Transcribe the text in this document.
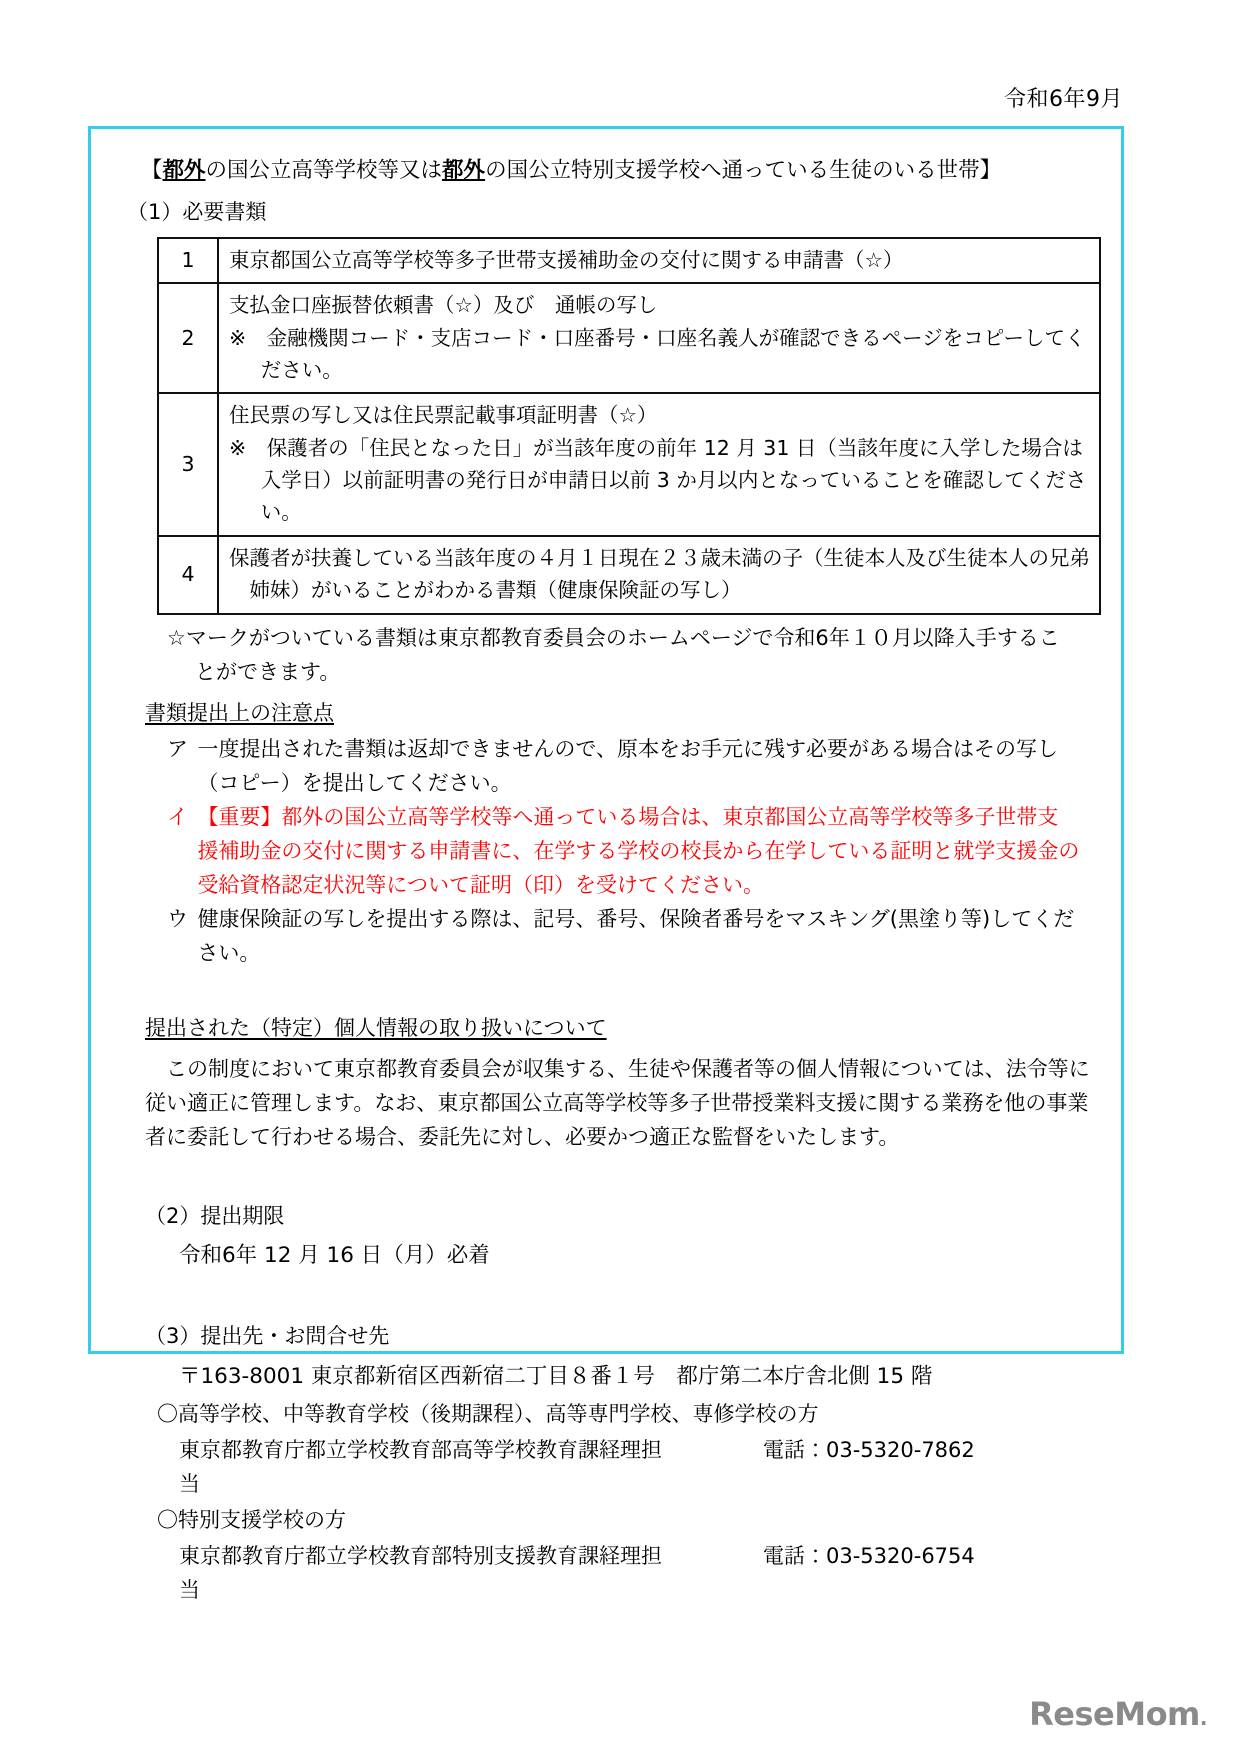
令和6年9月
【都外の国公立高等学校等又は都外の国公立特別支援学校へ通っている生徒のいる世帯】
（1）必要書類
1	東京都国公立高等学校等多子世帯支援補助金の交付に関する申請書（☆）

2	支払金口座振替依頼書（☆）及び　通帳の写し
※　金融機関コード・支店コード・口座番号・口座名義人が確認できるページをコピーしてください。

3	住民票の写し又は住民票記載事項証明書（☆）
※　保護者の「住民となった日」が当該年度の前年 12 月 31 日（当該年度に入学した場合は入学日）以前証明書の発行日が申請日以前 3 か月以内となっていることを確認してください。

4	保護者が扶養している当該年度の４月１日現在２３歳未満の子（生徒本人及び生徒本人の兄弟姉妹）がいることがわかる書類（健康保険証の写し）
☆マークがついている書類は東京都教育委員会のホームページで令和6年１０月以降入手するこ
とができます。
書類提出上の注意点
ア 一度提出された書類は返却できませんので、原本をお手元に残す必要がある場合はその写し
（コピー）を提出してください。
イ 【重要】都外の国公立高等学校等へ通っている場合は、東京都国公立高等学校等多子世帯支
援補助金の交付に関する申請書に、在学する学校の校長から在学している証明と就学支援金の
受給資格認定状況等について証明（印）を受けてください。
ウ 健康保険証の写しを提出する際は、記号、番号、保険者番号をマスキング(黒塗り等)してくだ
さい。
提出された（特定）個人情報の取り扱いについて
この制度において東京都教育委員会が収集する、生徒や保護者等の個人情報については、法令等に
従い適正に管理します。なお、東京都国公立高等学校等多子世帯授業料支援に関する業務を他の事業
者に委託して行わせる場合、委託先に対し、必要かつ適正な監督をいたします。
（2）提出期限
令和6年 12 月 16 日（月）必着
（3）提出先・お問合せ先
〒163-8001 東京都新宿区西新宿二丁目８番１号　都庁第二本庁舎北側 15 階
〇高等学校、中等教育学校（後期課程）、高等専門学校、専修学校の方
東京都教育庁都立学校教育部高等学校教育課経理担当
電話：03-5320-7862
〇特別支援学校の方
東京都教育庁都立学校教育部特別支援教育課経理担当
電話：03-5320-6754
ReseMom.
